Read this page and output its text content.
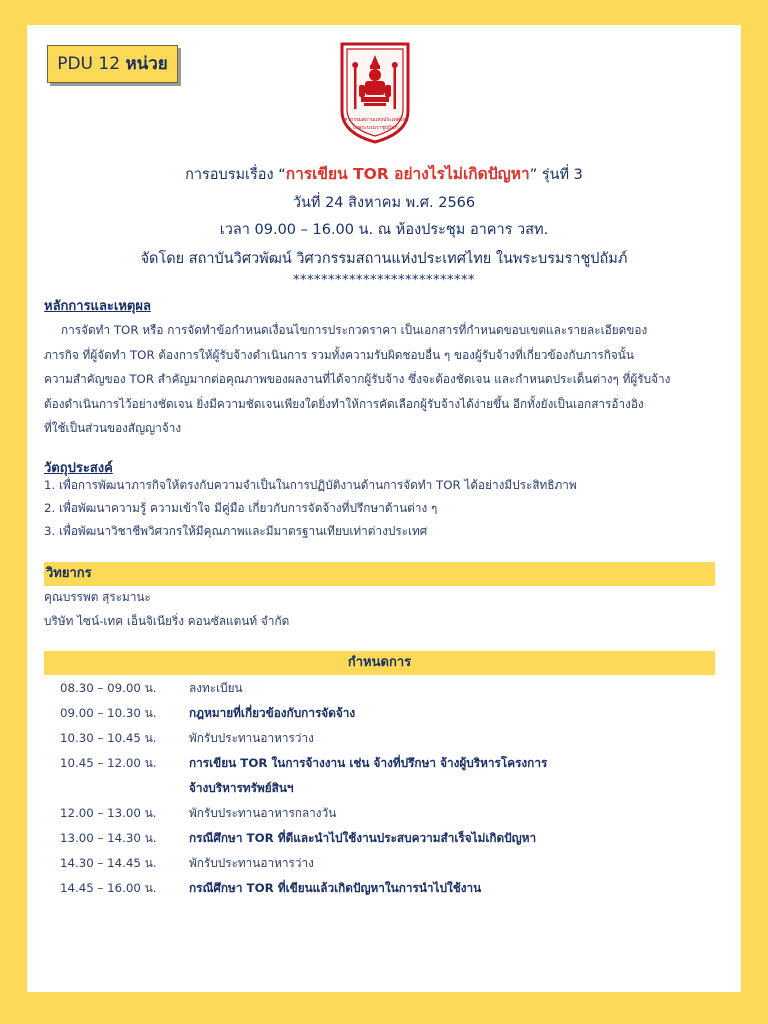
PDU 12 หน่วย
วิศวกรรมสถานแห่งประเทศไทย
ในพระบรมราชูปถัมภ์
การอบรมเรื่อง “การเขียน TOR อย่างไรไม่เกิดปัญหา” รุ่นที่ 3
วันที่ 24 สิงหาคม พ.ศ. 2566
เวลา 09.00 – 16.00 น. ณ ห้องประชุม อาคาร วสท.
จัดโดย สถาบันวิศวพัฒน์ วิศวกรรมสถานแห่งประเทศไทย ในพระบรมราชูปถัมภ์
**************************
หลักการและเหตุผล
การจัดทำ TOR หรือ การจัดทำข้อกำหนดเงื่อนไขการประกวดราคา เป็นเอกสารที่กำหนดขอบเขตและรายละเอียดของ
ภารกิจ ที่ผู้จัดทำ TOR ต้องการให้ผู้รับจ้างดำเนินการ รวมทั้งความรับผิดชอบอื่น ๆ ของผู้รับจ้างที่เกี่ยวข้องกับภารกิจนั้น
ความสำคัญของ TOR สำคัญมากต่อคุณภาพของผลงานที่ได้จากผู้รับจ้าง ซึ่งจะต้องชัดเจน และกำหนดประเด็นต่างๆ ที่ผู้รับจ้าง
ต้องดำเนินการไว้อย่างชัดเจน ยิ่งมีความชัดเจนเพียงใดยิ่งทำให้การคัดเลือกผู้รับจ้างได้ง่ายขึ้น อีกทั้งยังเป็นเอกสารอ้างอิง
ที่ใช้เป็นส่วนของสัญญาจ้าง
วัตถุประสงค์
1. เพื่อการพัฒนาภารกิจให้ตรงกับความจำเป็นในการปฏิบัติงานด้านการจัดทำ TOR ได้อย่างมีประสิทธิภาพ
2. เพื่อพัฒนาความรู้ ความเข้าใจ มีคู่มือ เกี่ยวกับการจัดจ้างที่ปรึกษาด้านต่าง ๆ
3. เพื่อพัฒนาวิชาชีพวิศวกรให้มีคุณภาพและมีมาตรฐานเทียบเท่าต่างประเทศ
วิทยากร
คุณบรรพต สุระมานะ
บริษัท ไซน์-เทค เอ็นจิเนียริ่ง คอนซัลแตนท์ จำกัด
กำหนดการ
08.30 – 09.00 น.	ลงทะเบียน
09.00 – 10.30 น.	กฎหมายที่เกี่ยวข้องกับการจัดจ้าง
10.30 – 10.45 น.	พักรับประทานอาหารว่าง
10.45 – 12.00 น.	การเขียน TOR ในการจ้างงาน เช่น จ้างที่ปรึกษา จ้างผู้บริหารโครงการ
จ้างบริหารทรัพย์สินฯ
12.00 – 13.00 น.	พักรับประทานอาหารกลางวัน
13.00 – 14.30 น.	กรณีศึกษา TOR ที่ดีและนำไปใช้งานประสบความสำเร็จไม่เกิดปัญหา
14.30 – 14.45 น.	พักรับประทานอาหารว่าง
14.45 – 16.00 น.	กรณีศึกษา TOR ที่เขียนแล้วเกิดปัญหาในการนำไปใช้งาน
